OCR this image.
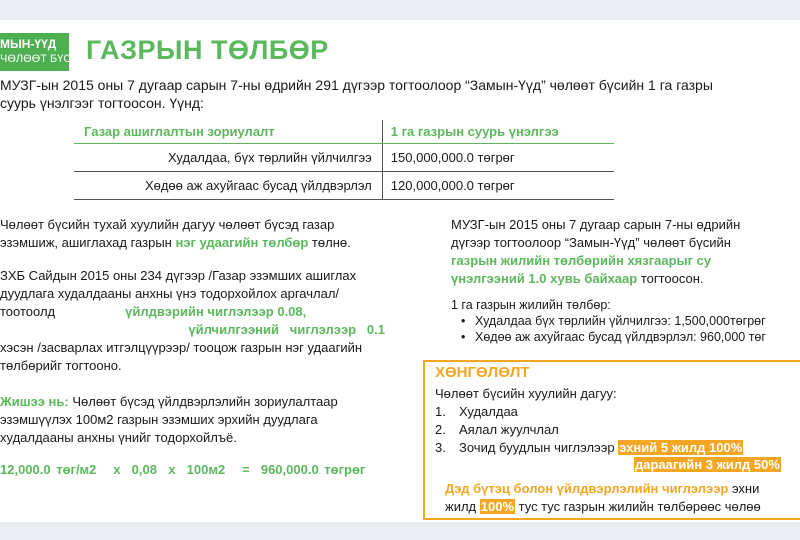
МЫН-ҮҮД
ЧӨЛӨӨТ БҮС ГАЗРЫН ТӨЛБӨР
МУЗГ-ын 2015 оны 7 дугаар сарын 7-ны өдрийн 291 дүгээр тогтоолоор “Замын-Үүд” чөлөөт бүсийн 1 га газры
суурь үнэлгээг тогтоосон. Үүнд:
Газар ашиглалтын зориулалт	1 га газрын суурь үнэлгээ
Худалдаа, бүх төрлийн үйлчилгээ	150,000,000.0 төгрөг
Хөдөө аж ахуйгаас бусад үйлдвэрлэл	120,000,000.0 төгрөг
Чөлөөт бүсийн тухай хуулийн дагуу чөлөөт бүсэд газар
эзэмшиж, ашиглахад газрын нэг удаагийн төлбөр төлнө.
ЗХБ Сайдын 2015 оны 234 дүгээр /Газар эзэмших ашиглах
дуудлага худалдааны анхны үнэ тодорхойлох аргачлал/
тоотоолд	үйлдвэрийн чиглэлээр 0.08,
үйлчилгээний   чиглэлээр   0.1
хэсэн /засварлах итгэлцүүрээр/ тооцож газрын нэг удаагийн
төлбөрийг тогтооно.
Жишээ нь: Чөлөөт бүсэд үйлдвэрлэлийн зориулалтаар
эзэмшүүлэх 100м2 газрын эзэмших эрхийн дуудлага
худалдааны анхны үнийг тодорхойлъё.
12,000.0 төг/м2   х  0,08  х  100м2   =  960,000.0 төгрөг
МУЗГ-ын 2015 оны 7 дугаар сарын 7-ны өдрийн
дүгээр тогтоолоор “Замын-Үүд” чөлөөт бүсийн
газрын жилийн төлбөрийн хязгаарыг су
үнэлгээний 1.0 хувь байхаар тогтоосон.
1 га газрын жилийн төлбөр:
• Худалдаа бүх төрлийн үйлчилгээ: 1,500,000төгрөг
• Хөдөө аж ахуйгаас бусад үйлдвэрлэл: 960,000 төг
ХӨНГӨЛӨЛТ
Чөлөөт бүсийн хуулийн дагуу:
1. Худалдаа
2. Аялал жуулчлал
3. Зочид буудлын чиглэлээр эхний 5 жилд 100%
дараагийн 3 жилд 50%
Дэд бүтэц болон үйлдвэрлэлийн чиглэлээр эхни
жилд 100% тус тус газрын жилийн төлбөрөөс чөлөө
